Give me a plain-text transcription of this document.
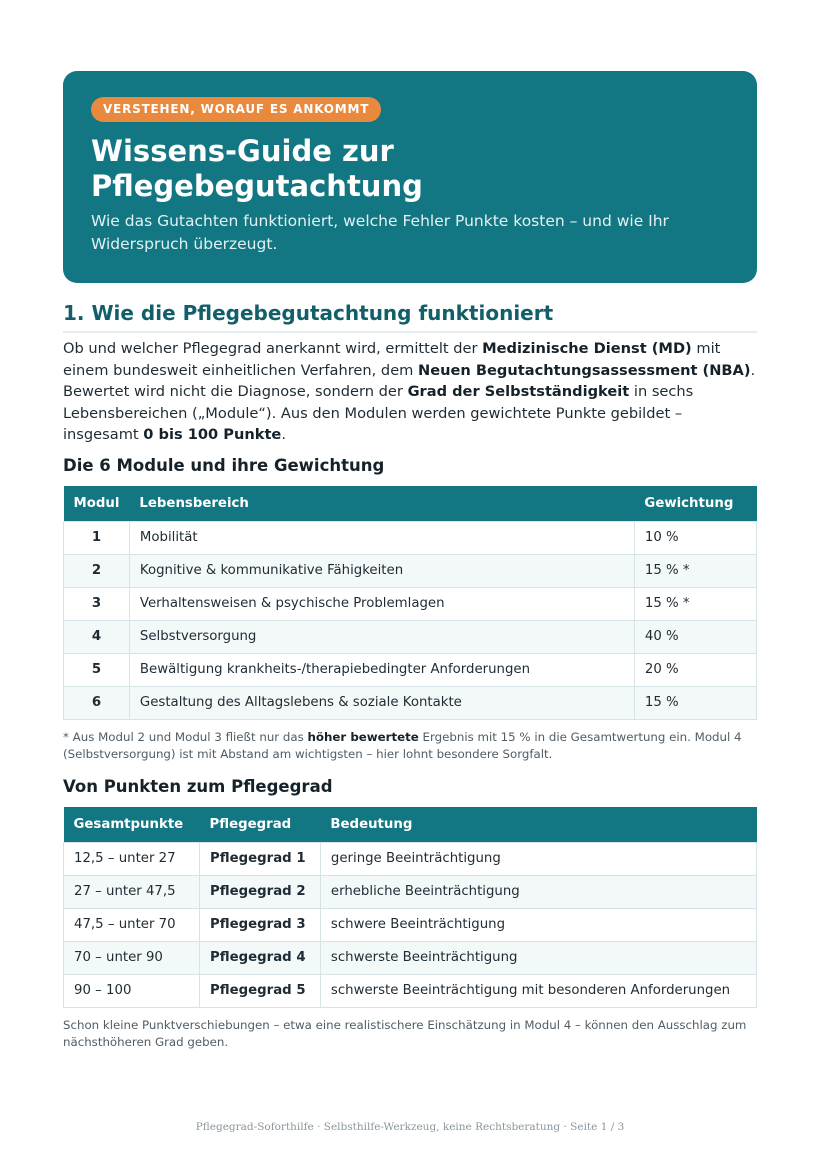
VERSTEHEN, WORAUF ES ANKOMMT
Wissens-Guide zur Pflegebegutachtung
Wie das Gutachten funktioniert, welche Fehler Punkte kosten – und wie Ihr Widerspruch überzeugt.
1. Wie die Pflegebegutachtung funktioniert

Ob und welcher Pflegegrad anerkannt wird, ermittelt der Medizinische Dienst (MD) mit einem bundesweit einheitlichen Verfahren, dem Neuen Begutachtungsassessment (NBA). Bewertet wird nicht die Diagnose, sondern der Grad der Selbstständigkeit in sechs Lebensbereichen („Module“). Aus den Modulen werden gewichtete Punkte gebildet – insgesamt 0 bis 100 Punkte.

Die 6 Module und ihre Gewichtung
Modul	Lebensbereich	Gewichtung
1	Mobilität	10 %
2	Kognitive & kommunikative Fähigkeiten	15 % *
3	Verhaltensweisen & psychische Problemlagen	15 % *
4	Selbstversorgung	40 %
5	Bewältigung krankheits-/therapiebedingter Anforderungen	20 %
6	Gestaltung des Alltagslebens & soziale Kontakte	15 %

* Aus Modul 2 und Modul 3 fließt nur das höher bewertete Ergebnis mit 15 % in die Gesamtwertung ein. Modul 4 (Selbstversorgung) ist mit Abstand am wichtigsten – hier lohnt besondere Sorgfalt.

Von Punkten zum Pflegegrad
Gesamtpunkte	Pflegegrad	Bedeutung
12,5 – unter 27	Pflegegrad 1	geringe Beeinträchtigung
27 – unter 47,5	Pflegegrad 2	erhebliche Beeinträchtigung
47,5 – unter 70	Pflegegrad 3	schwere Beeinträchtigung
70 – unter 90	Pflegegrad 4	schwerste Beeinträchtigung
90 – 100	Pflegegrad 5	schwerste Beeinträchtigung mit besonderen Anforderungen

Schon kleine Punktverschiebungen – etwa eine realistischere Einschätzung in Modul 4 – können den Ausschlag zum nächsthöheren Grad geben.

Pflegegrad-Soforthilfe · Selbsthilfe-Werkzeug, keine Rechtsberatung · Seite 1 / 3
